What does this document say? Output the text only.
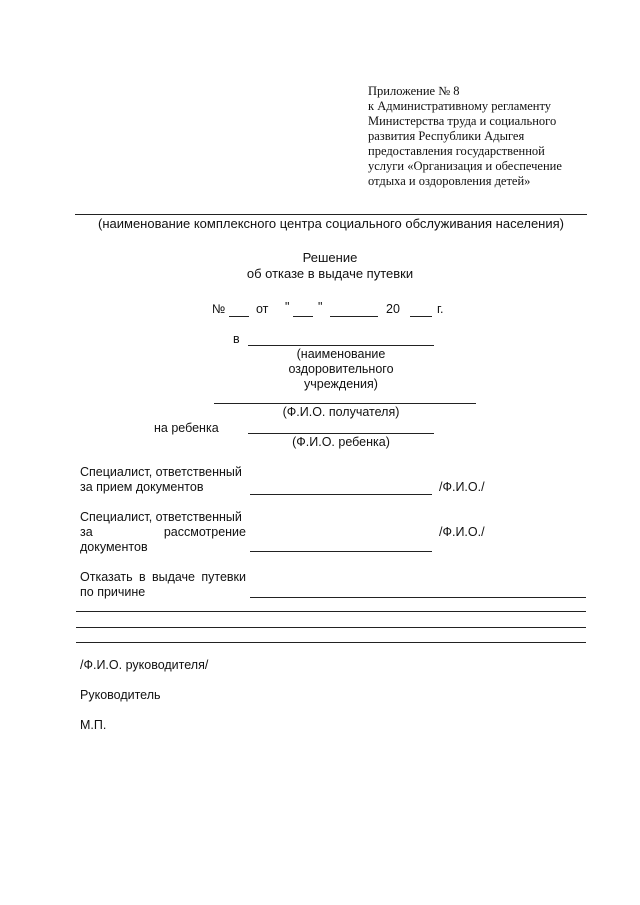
Приложение № 8
к Административному регламенту
Министерства труда и социального
развития Республики Адыгея
предоставления государственной
услуги «Организация и обеспечение
отдыха и оздоровления детей»
(наименование комплексного центра социального обслуживания населения)
Решение
об отказе в выдаче путевки
№ от " "	20	г.
в
(наименование
оздоровительного
учреждения)
(Ф.И.О. получателя)
на ребенка
(Ф.И.О. ребенка)
Специалист, ответственный
за прием документов	/Ф.И.О./
Специалист, ответственный
за	рассмотрение
документов
/Ф.И.О./
Отказать в выдаче путевки
по причине
/Ф.И.О. руководителя/
Руководитель
М.П.
